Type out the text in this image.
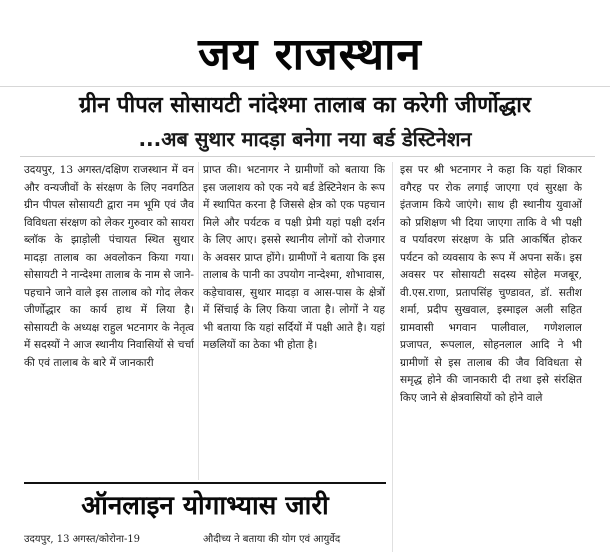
जय राजस्थान
ग्रीन पीपल सोसायटी नांदेश्मा तालाब का करेगी जीर्णोद्धार
...अब सुथार मादड़ा बनेगा नया बर्ड डेस्टिनेशन

उदयपुर, 13 अगस्त/दक्षिण राजस्थान में वन और वन्यजीवों के संरक्षण के लिए नवगठित ग्रीन पीपल सोसायटी द्वारा नम भूमि एवं जैव विविधता संरक्षण को लेकर गुरुवार को सायरा ब्लॉक के झाड़ोली पंचायत स्थित सुथार मादड़ा तालाब का अवलोकन किया गया। सोसायटी ने नान्देश्मा तालाब के नाम से जाने-पहचाने जाने वाले इस तालाब को गोद लेकर जीर्णोद्धार का कार्य हाथ में लिया है। सोसायटी के अध्यक्ष राहुल भटनागर के नेतृत्व में सदस्यों ने आज स्थानीय निवासियों से चर्चा की एवं तालाब के बारे में जानकारी

प्राप्त की। भटनागर ने ग्रामीणों को बताया कि इस जलाशय को एक नये बर्ड डेस्टिनेशन के रूप में स्थापित करना है जिससे क्षेत्र को एक पहचान मिले और पर्यटक व पक्षी प्रेमी यहां पक्षी दर्शन के लिए आए। इससे स्थानीय लोगों को रोजगार के अवसर प्राप्त होंगे। ग्रामीणों ने बताया कि इस तालाब के पानी का उपयोग नान्देश्मा, शोभावास, कड़ेचावास, सुथार मादड़ा व आस-पास के क्षेत्रों में सिंचाई के लिए किया जाता है। लोगों ने यह भी बताया कि यहां सर्दियों में पक्षी आते है। यहां मछलियों का ठेका भी होता है।

इस पर श्री भटनागर ने कहा कि यहां शिकार वगैरह पर रोक लगाई जाएगा एवं सुरक्षा के इंतजाम किये जाएंगे। साथ ही स्थानीय युवाओं को प्रशिक्षण भी दिया जाएगा ताकि वे भी पक्षी व पर्यावरण संरक्षण के प्रति आकर्षित होकर पर्यटन को व्यवसाय के रूप में अपना सकें। इस अवसर पर सोसायटी सदस्य सोहेल मजबूर, वी.एस.राणा, प्रतापसिंह चुण्डावत, डॉ. सतीश शर्मा, प्रदीप सुखवाल, इस्माइल अली सहित ग्रामवासी भगवान पालीवाल, गणेशलाल प्रजापत, रूपलाल, सोहनलाल आदि ने भी ग्रामीणों से इस तालाब की जैव विविधता से समृद्ध होने की जानकारी दी तथा इसे संरक्षित किए जाने से क्षेत्रवासियों को होने वाले

ऑनलाइन योगाभ्यास जारी
उदयपुर, 13 अगस्त/कोरोना-19	औदीच्य ने बताया की योग एवं आयुर्वेद
